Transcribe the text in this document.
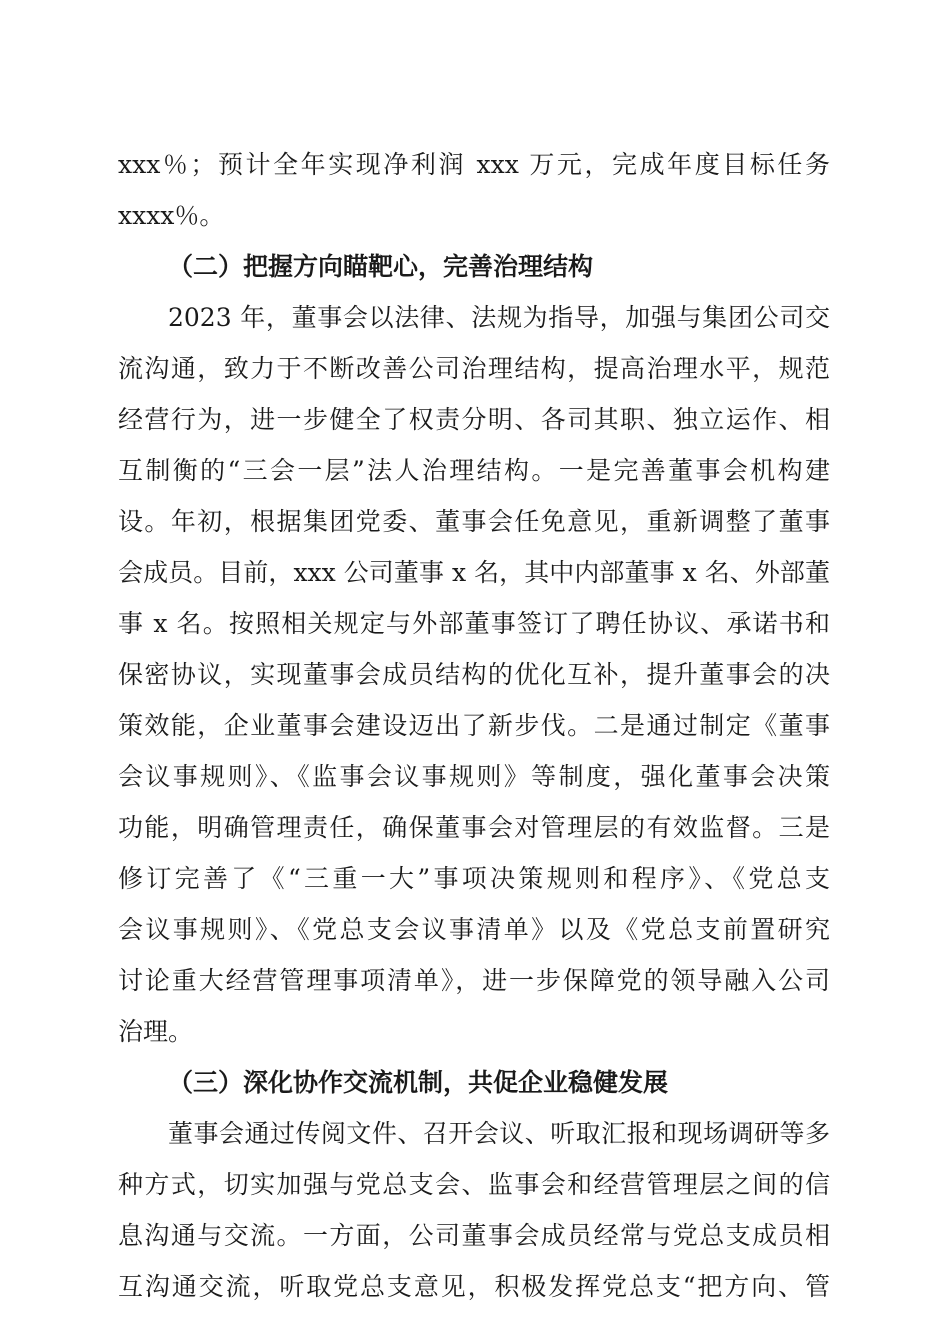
xxx％；预计全年实现净利润 xxx 万元，完成年度目标任务
xxxx％。
（二）把握方向瞄靶心，完善治理结构
2023 年，董事会以法律、法规为指导，加强与集团公司交
流沟通，致力于不断改善公司治理结构，提高治理水平，规范
经营行为，进一步健全了权责分明、各司其职、独立运作、相
互制衡的“三会一层”法人治理结构。一是完善董事会机构建
设。年初，根据集团党委、董事会任免意见，重新调整了董事
会成员。目前，xxx 公司董事 x 名，其中内部董事 x 名、外部董
事 x 名。按照相关规定与外部董事签订了聘任协议、承诺书和
保密协议，实现董事会成员结构的优化互补，提升董事会的决
策效能，企业董事会建设迈出了新步伐。二是通过制定《董事
会议事规则》、《监事会议事规则》等制度，强化董事会决策
功能，明确管理责任，确保董事会对管理层的有效监督。三是
修订完善了《“三重一大”事项决策规则和程序》、《党总支
会议事规则》、《党总支会议事清单》以及《党总支前置研究
讨论重大经营管理事项清单》，进一步保障党的领导融入公司
治理。
（三）深化协作交流机制，共促企业稳健发展
董事会通过传阅文件、召开会议、听取汇报和现场调研等多
种方式，切实加强与党总支会、监事会和经营管理层之间的信
息沟通与交流。一方面，公司董事会成员经常与党总支成员相
互沟通交流，听取党总支意见，积极发挥党总支“把方向、管
